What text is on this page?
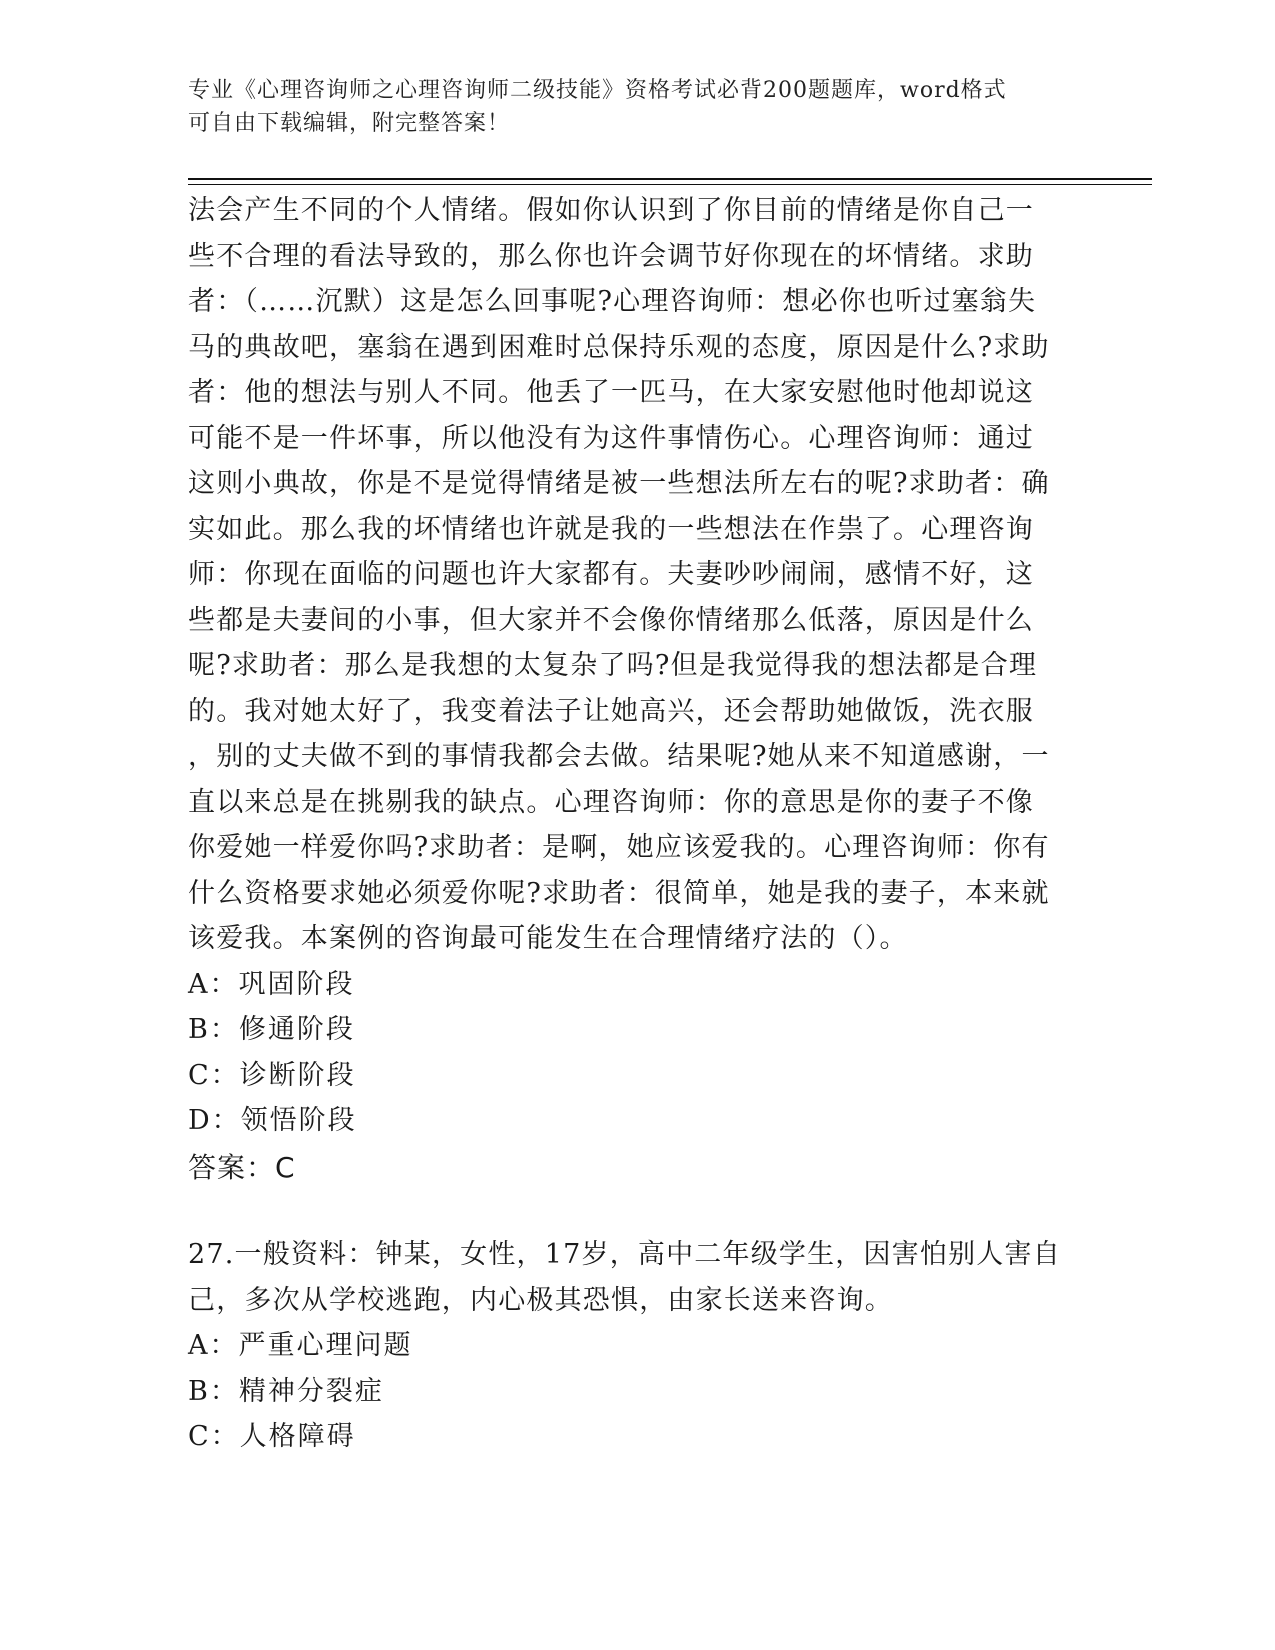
专业《心理咨询师之心理咨询师二级技能》资格考试必背200题题库，word格式
可自由下载编辑，附完整答案！

法会产生不同的个人情绪。假如你认识到了你目前的情绪是你自己一

些不合理的看法导致的，那么你也许会调节好你现在的坏情绪。求助

者：（……沉默）这是怎么回事呢?心理咨询师：想必你也听过塞翁失

马的典故吧，塞翁在遇到困难时总保持乐观的态度，原因是什么?求助

者：他的想法与别人不同。他丢了一匹马，在大家安慰他时他却说这

可能不是一件坏事，所以他没有为这件事情伤心。心理咨询师：通过

这则小典故，你是不是觉得情绪是被一些想法所左右的呢?求助者：确

实如此。那么我的坏情绪也许就是我的一些想法在作祟了。心理咨询

师：你现在面临的问题也许大家都有。夫妻吵吵闹闹，感情不好，这

些都是夫妻间的小事，但大家并不会像你情绪那么低落，原因是什么

呢?求助者：那么是我想的太复杂了吗?但是我觉得我的想法都是合理

的。我对她太好了，我变着法子让她高兴，还会帮助她做饭，洗衣服

，别的丈夫做不到的事情我都会去做。结果呢?她从来不知道感谢，一

直以来总是在挑剔我的缺点。心理咨询师：你的意思是你的妻子不像

你爱她一样爱你吗?求助者：是啊，她应该爱我的。心理咨询师：你有

什么资格要求她必须爱你呢?求助者：很简单，她是我的妻子，本来就

该爱我。本案例的咨询最可能发生在合理情绪疗法的（）。

A：巩固阶段

B：修通阶段

C：诊断阶段

D：领悟阶段

答案：C

27.一般资料：钟某，女性，17岁，高中二年级学生，因害怕别人害自

己，多次从学校逃跑，内心极其恐惧，由家长送来咨询。

A：严重心理问题

B：精神分裂症

C：人格障碍
